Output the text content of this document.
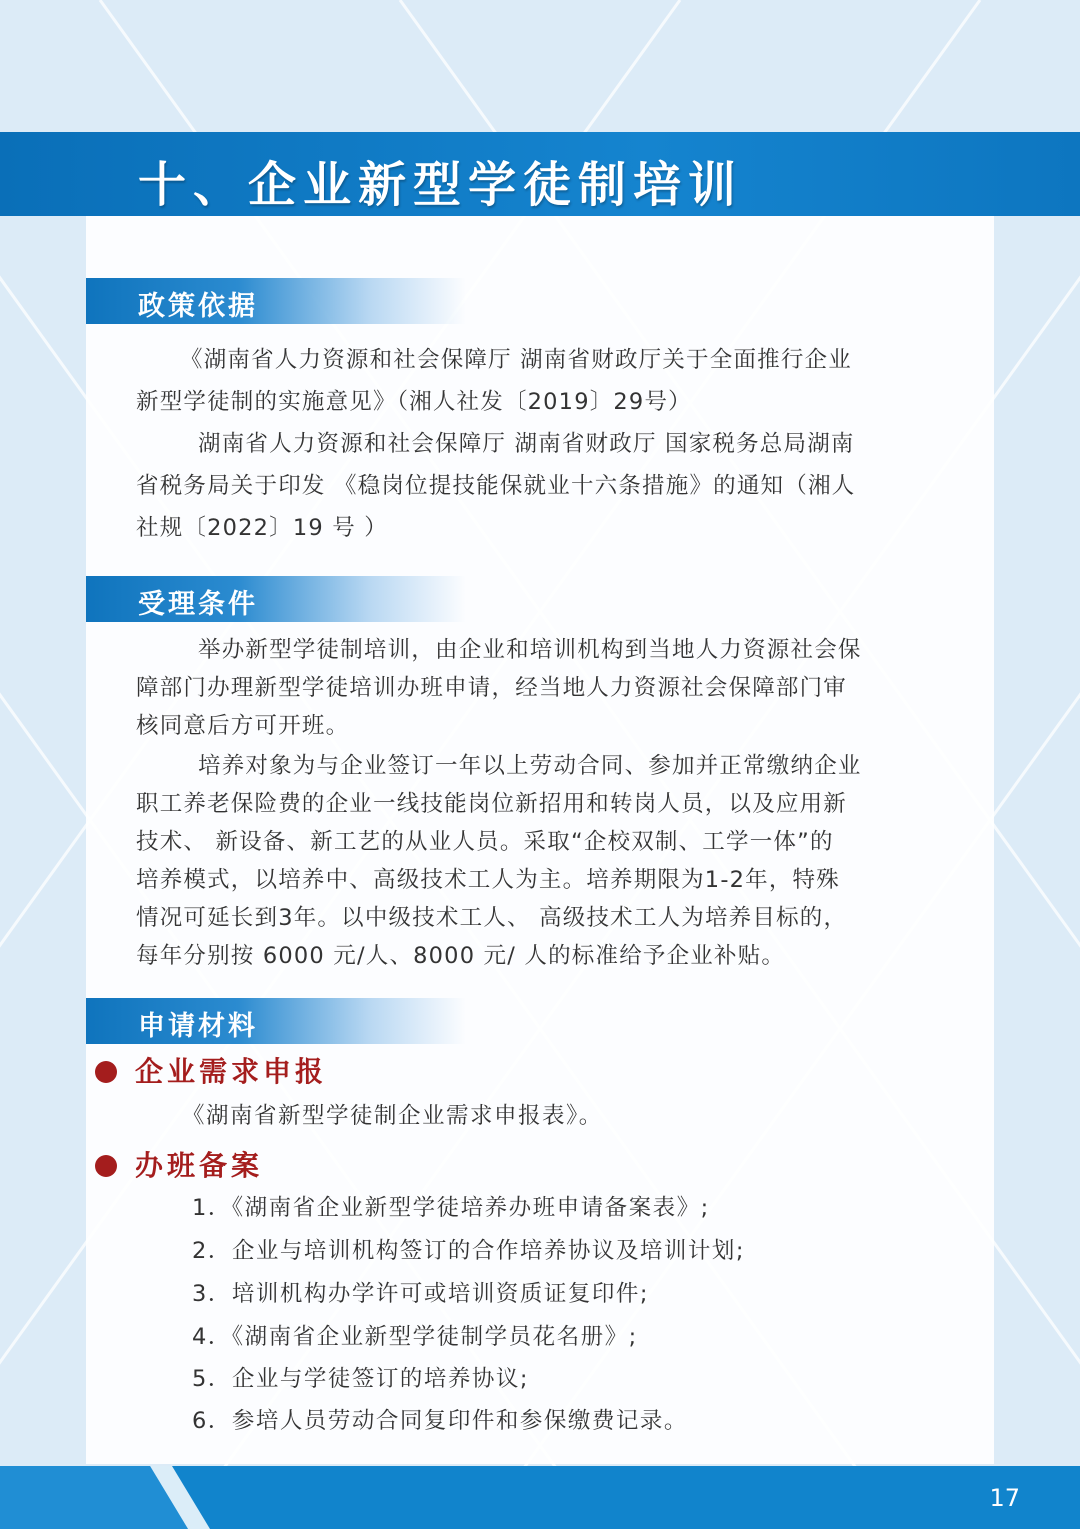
十、企业新型学徒制培训
政策依据
《湖南省人力资源和社会保障厅 湖南省财政厅关于全面推行企业
新型学徒制的实施意见》（湘人社发〔2019〕29号）
湖南省人力资源和社会保障厅 湖南省财政厅 国家税务总局湖南
省税务局关于印发 《稳岗位提技能保就业十六条措施》的通知（湘人
社规〔2022〕19 号 ）
受理条件
举办新型学徒制培训，由企业和培训机构到当地人力资源社会保
障部门办理新型学徒培训办班申请，经当地人力资源社会保障部门审
核同意后方可开班。
培养对象为与企业签订一年以上劳动合同、参加并正常缴纳企业
职工养老保险费的企业一线技能岗位新招用和转岗人员，以及应用新
技术、 新设备、新工艺的从业人员。采取“企校双制、工学一体”的
培养模式，以培养中、高级技术工人为主。培养期限为1-2年，特殊
情况可延长到3年。以中级技术工人、 高级技术工人为培养目标的，
每年分别按 6000 元/人、8000 元/ 人的标准给予企业补贴。
申请材料
企业需求申报
《湖南省新型学徒制企业需求申报表》。
办班备案
1．《湖南省企业新型学徒培养办班申请备案表》;
2．企业与培训机构签订的合作培养协议及培训计划;
3．培训机构办学许可或培训资质证复印件;
4．《湖南省企业新型学徒制学员花名册》;
5．企业与学徒签订的培养协议;
6．参培人员劳动合同复印件和参保缴费记录。
17
